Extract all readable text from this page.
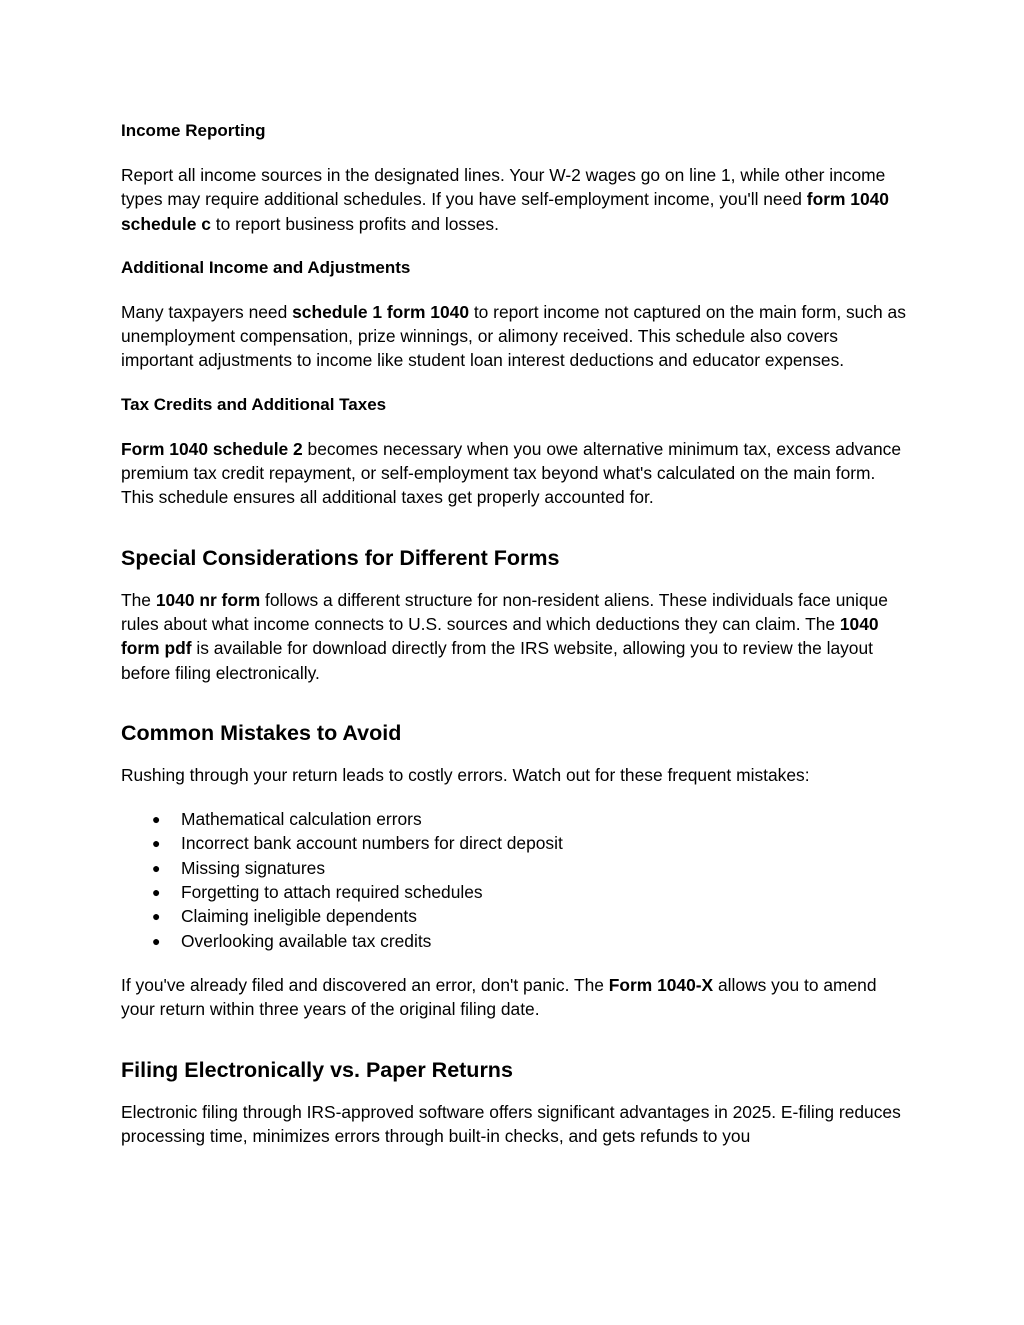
Income Reporting
Report all income sources in the designated lines. Your W-2 wages go on line 1, while other income types may require additional schedules. If you have self-employment income, you'll need form 1040 schedule c to report business profits and losses.
Additional Income and Adjustments
Many taxpayers need schedule 1 form 1040 to report income not captured on the main form, such as unemployment compensation, prize winnings, or alimony received. This schedule also covers important adjustments to income like student loan interest deductions and educator expenses.
Tax Credits and Additional Taxes
Form 1040 schedule 2 becomes necessary when you owe alternative minimum tax, excess advance premium tax credit repayment, or self-employment tax beyond what's calculated on the main form. This schedule ensures all additional taxes get properly accounted for.
Special Considerations for Different Forms
The 1040 nr form follows a different structure for non-resident aliens. These individuals face unique rules about what income connects to U.S. sources and which deductions they can claim. The 1040 form pdf is available for download directly from the IRS website, allowing you to review the layout before filing electronically.
Common Mistakes to Avoid
Rushing through your return leads to costly errors. Watch out for these frequent mistakes:
● Mathematical calculation errors
● Incorrect bank account numbers for direct deposit
● Missing signatures
● Forgetting to attach required schedules
● Claiming ineligible dependents
● Overlooking available tax credits
If you've already filed and discovered an error, don't panic. The Form 1040-X allows you to amend your return within three years of the original filing date.
Filing Electronically vs. Paper Returns
Electronic filing through IRS-approved software offers significant advantages in 2025. E-filing reduces processing time, minimizes errors through built-in checks, and gets refunds to you
